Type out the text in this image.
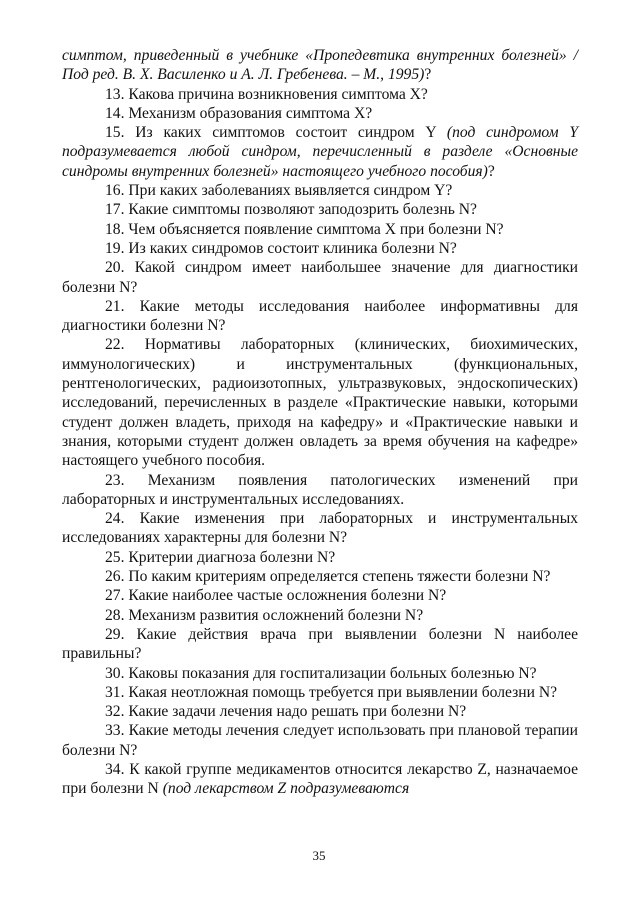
симптом, приведенный в учебнике «Пропедевтика внутренних болезней» / Под ред. В. Х. Василенко и А. Л. Гребенева. – М., 1995)?

13. Какова причина возникновения симптома X?

14. Механизм образования симптома X?

15. Из каких симптомов состоит синдром Y (под синдромом Y подразумевается любой синдром, перечисленный в разделе «Основные синдромы внутренних болезней» настоящего учебного пособия)?

16. При каких заболеваниях выявляется синдром Y?

17. Какие симптомы позволяют заподозрить болезнь N?

18. Чем объясняется появление симптома X при болезни N?

19. Из каких синдромов состоит клиника болезни N?

20. Какой синдром имеет наибольшее значение для диагностики болезни N?

21. Какие методы исследования наиболее информативны для диагностики болезни N?

22. Нормативы лабораторных (клинических, биохимических, иммунологических) и инструментальных (функциональных, рентгенологических, радиоизотопных, ультразвуковых, эндоскопических) исследований, перечисленных в разделе «Практические навыки, которыми студент должен владеть, приходя на кафедру» и «Практические навыки и знания, которыми студент должен овладеть за время обучения на кафедре» настоящего учебного пособия.

23. Механизм появления патологических изменений при лабораторных и инструментальных исследованиях.

24. Какие изменения при лабораторных и инструментальных исследованиях характерны для болезни N?

25. Критерии диагноза болезни N?

26. По каким критериям определяется степень тяжести болезни N?

27. Какие наиболее частые осложнения болезни N?

28. Механизм развития осложнений болезни N?

29. Какие действия врача при выявлении болезни N наиболее правильны?

30. Каковы показания для госпитализации больных болезнью N?

31. Какая неотложная помощь требуется при выявлении болезни N?

32. Какие задачи лечения надо решать при болезни N?

33. Какие методы лечения следует использовать при плановой терапии болезни N?

34. К какой группе медикаментов относится лекарство Z, назначаемое при болезни N (под лекарством Z подразумеваются

35
